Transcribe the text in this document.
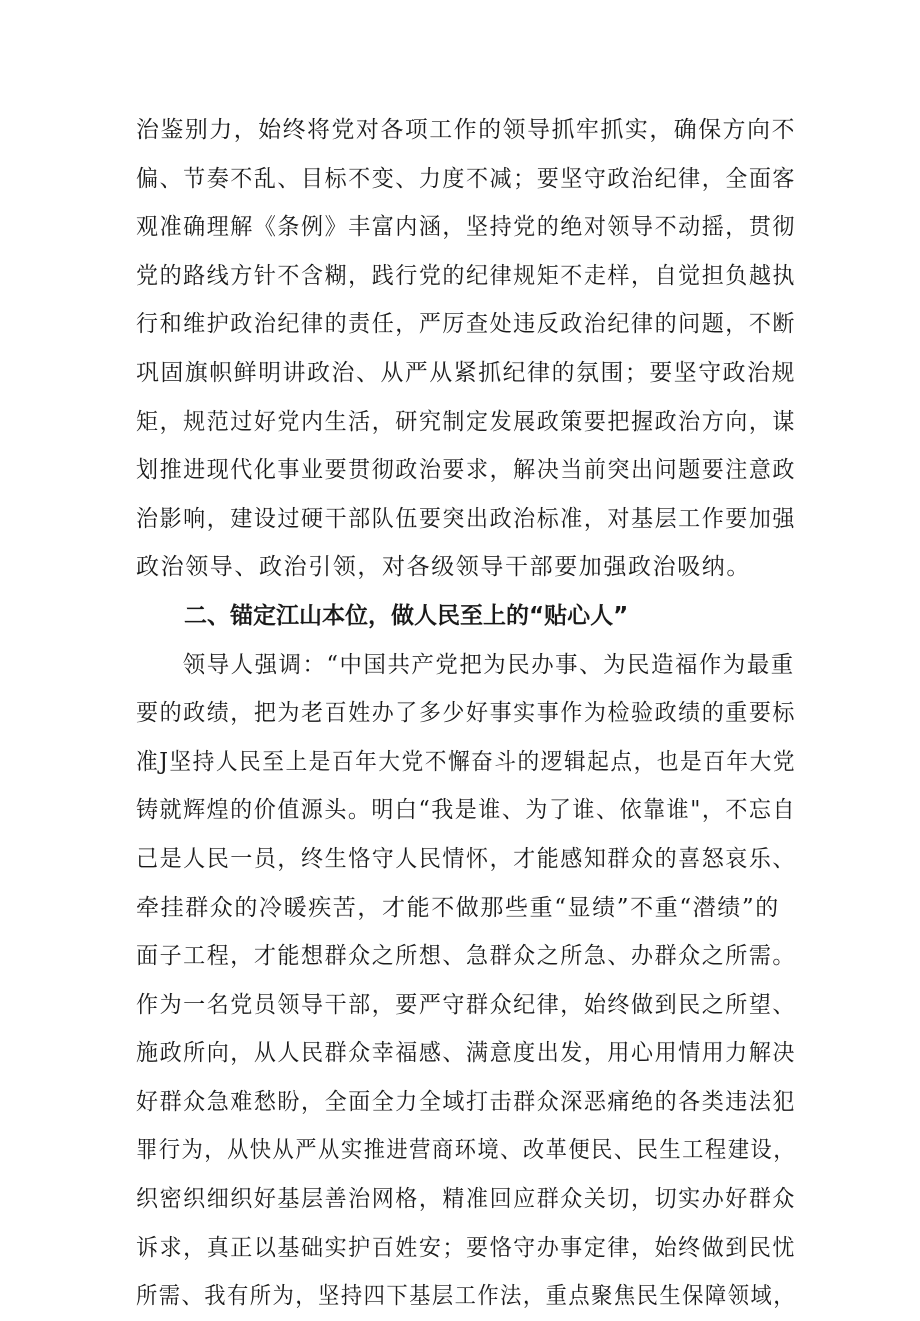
治鉴别力，始终将党对各项工作的领导抓牢抓实，确保方向不
偏、节奏不乱、目标不变、力度不减；要坚守政治纪律，全面客
观准确理解《条例》丰富内涵，坚持党的绝对领导不动摇，贯彻
党的路线方针不含糊，践行党的纪律规矩不走样，自觉担负越执
行和维护政治纪律的责任，严厉查处违反政治纪律的问题，不断
巩固旗帜鲜明讲政治、从严从紧抓纪律的氛围；要坚守政治规
矩，规范过好党内生活，研究制定发展政策要把握政治方向，谋
划推进现代化事业要贯彻政治要求，解决当前突出问题要注意政
治影响，建设过硬干部队伍要突出政治标准，对基层工作要加强
政治领导、政治引领，对各级领导干部要加强政治吸纳。
二、锚定江山本位，做人民至上的“贴心人”
领导人强调：“中国共产党把为民办事、为民造福作为最重
要的政绩，把为老百姓办了多少好事实事作为检验政绩的重要标
准J坚持人民至上是百年大党不懈奋斗的逻辑起点，也是百年大党
铸就辉煌的价值源头。明白“我是谁、为了谁、依靠谁"，不忘自
己是人民一员，终生恪守人民情怀，才能感知群众的喜怒哀乐、
牵挂群众的冷暖疾苦，才能不做那些重“显绩”不重“潜绩”的
面子工程，才能想群众之所想、急群众之所急、办群众之所需。
作为一名党员领导干部，要严守群众纪律，始终做到民之所望、
施政所向，从人民群众幸福感、满意度出发，用心用情用力解决
好群众急难愁盼，全面全力全域打击群众深恶痛绝的各类违法犯
罪行为，从快从严从实推进营商环境、改革便民、民生工程建设，
织密织细织好基层善治网格，精准回应群众关切，切实办好群众
诉求，真正以基础实护百姓安；要恪守办事定律，始终做到民忧
所需、我有所为，坚持四下基层工作法，重点聚焦民生保障领域，
